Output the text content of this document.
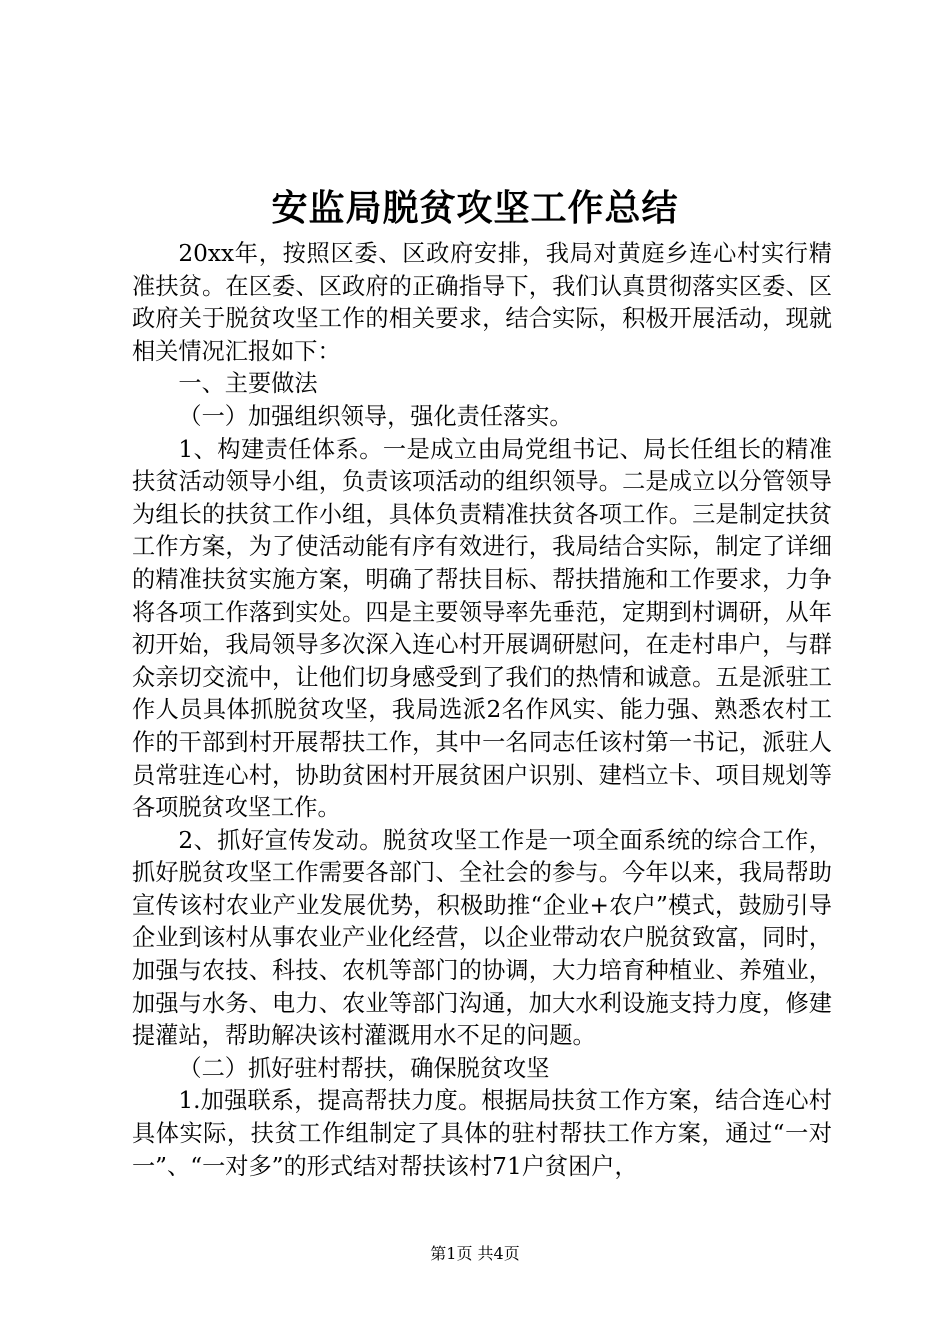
安监局脱贫攻坚工作总结

20xx年，按照区委、区政府安排，我局对黄庭乡连心村实行精准扶贫。在区委、区政府的正确指导下，我们认真贯彻落实区委、区政府关于脱贫攻坚工作的相关要求，结合实际，积极开展活动，现就相关情况汇报如下：

一、主要做法

（一）加强组织领导，强化责任落实。

1、构建责任体系。一是成立由局党组书记、局长任组长的精准扶贫活动领导小组，负责该项活动的组织领导。二是成立以分管领导为组长的扶贫工作小组，具体负责精准扶贫各项工作。三是制定扶贫工作方案，为了使活动能有序有效进行，我局结合实际，制定了详细的精准扶贫实施方案，明确了帮扶目标、帮扶措施和工作要求，力争将各项工作落到实处。四是主要领导率先垂范，定期到村调研，从年初开始，我局领导多次深入连心村开展调研慰问，在走村串户，与群众亲切交流中，让他们切身感受到了我们的热情和诚意。五是派驻工作人员具体抓脱贫攻坚，我局选派2名作风实、能力强、熟悉农村工作的干部到村开展帮扶工作，其中一名同志任该村第一书记，派驻人员常驻连心村，协助贫困村开展贫困户识别、建档立卡、项目规划等各项脱贫攻坚工作。

2、抓好宣传发动。脱贫攻坚工作是一项全面系统的综合工作，抓好脱贫攻坚工作需要各部门、全社会的参与。今年以来，我局帮助宣传该村农业产业发展优势，积极助推“企业+农户”模式，鼓励引导企业到该村从事农业产业化经营，以企业带动农户脱贫致富，同时，加强与农技、科技、农机等部门的协调，大力培育种植业、养殖业，加强与水务、电力、农业等部门沟通，加大水利设施支持力度，修建提灌站，帮助解决该村灌溉用水不足的问题。

（二）抓好驻村帮扶，确保脱贫攻坚

1.加强联系，提高帮扶力度。根据局扶贫工作方案，结合连心村具体实际，扶贫工作组制定了具体的驻村帮扶工作方案，通过“一对一”、“一对多”的形式结对帮扶该村71户贫困户，

第1页 共4页
